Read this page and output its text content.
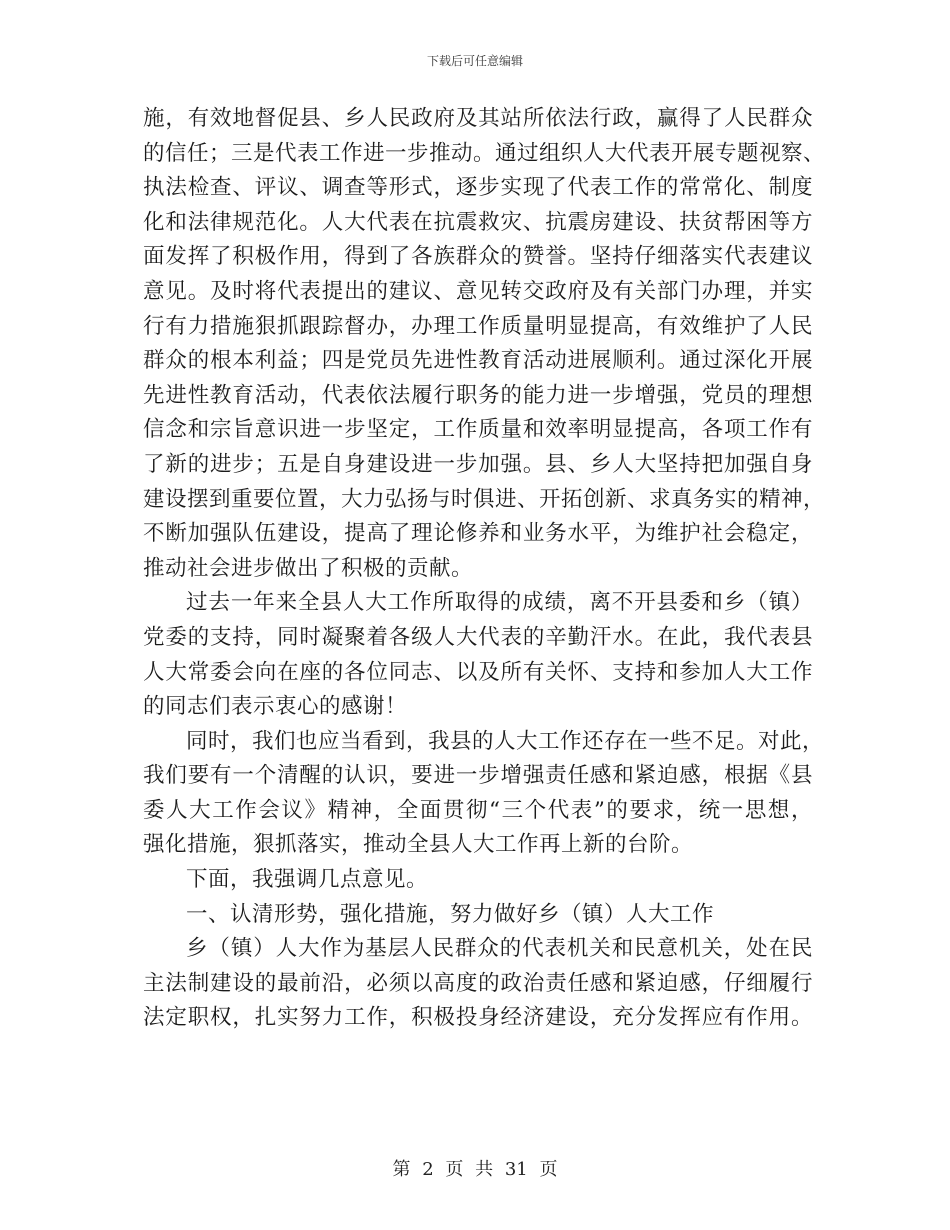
下载后可任意编辑
施，有效地督促县、乡人民政府及其站所依法行政，赢得了人民群众
的信任；三是代表工作进一步推动。通过组织人大代表开展专题视察、
执法检查、评议、调查等形式，逐步实现了代表工作的常常化、制度
化和法律规范化。人大代表在抗震救灾、抗震房建设、扶贫帮困等方
面发挥了积极作用，得到了各族群众的赞誉。坚持仔细落实代表建议
意见。及时将代表提出的建议、意见转交政府及有关部门办理，并实
行有力措施狠抓跟踪督办，办理工作质量明显提高，有效维护了人民
群众的根本利益；四是党员先进性教育活动进展顺利。通过深化开展
先进性教育活动，代表依法履行职务的能力进一步增强，党员的理想
信念和宗旨意识进一步坚定，工作质量和效率明显提高，各项工作有
了新的进步；五是自身建设进一步加强。县、乡人大坚持把加强自身
建设摆到重要位置，大力弘扬与时俱进、开拓创新、求真务实的精神，
不断加强队伍建设，提高了理论修养和业务水平，为维护社会稳定，
推动社会进步做出了积极的贡献。
过去一年来全县人大工作所取得的成绩，离不开县委和乡（镇）
党委的支持，同时凝聚着各级人大代表的辛勤汗水。在此，我代表县
人大常委会向在座的各位同志、以及所有关怀、支持和参加人大工作
的同志们表示衷心的感谢！
同时，我们也应当看到，我县的人大工作还存在一些不足。对此，
我们要有一个清醒的认识，要进一步增强责任感和紧迫感，根据《县
委人大工作会议》精神，全面贯彻“三个代表”的要求，统一思想，
强化措施，狠抓落实，推动全县人大工作再上新的台阶。
下面，我强调几点意见。
一、认清形势，强化措施，努力做好乡（镇）人大工作
乡（镇）人大作为基层人民群众的代表机关和民意机关，处在民
主法制建设的最前沿，必须以高度的政治责任感和紧迫感，仔细履行
法定职权，扎实努力工作，积极投身经济建设，充分发挥应有作用。
第 2 页 共 31 页
